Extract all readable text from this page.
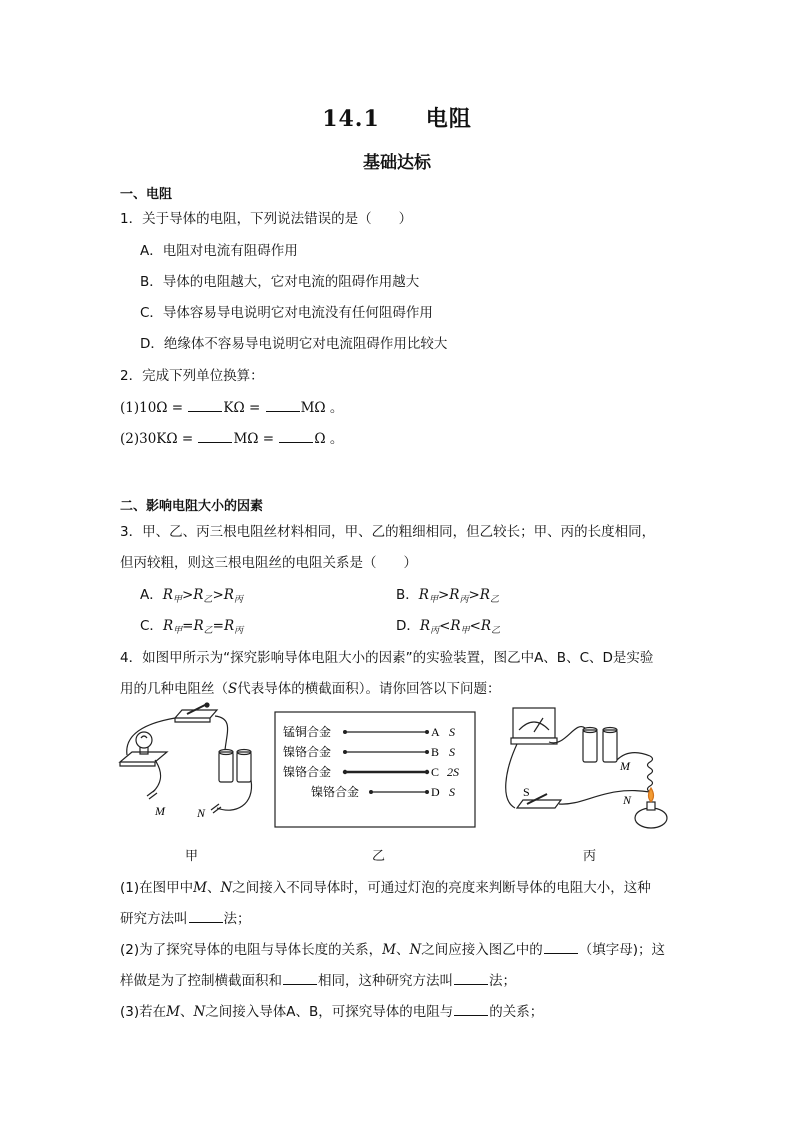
14.1 电阻
基础达标
一、电阻
1．关于导体的电阻，下列说法错误的是（　　）
A．电阻对电流有阻碍作用
B．导体的电阻越大，它对电流的阻碍作用越大
C．导体容易导电说明它对电流没有任何阻碍作用
D．绝缘体不容易导电说明它对电流阻碍作用比较大
2．完成下列单位换算：
(1)10Ω =	KΩ =	MΩ 。
(2)30KΩ =	MΩ =	Ω 。
二、影响电阻大小的因素
3．甲、乙、丙三根电阻丝材料相同，甲、乙的粗细相同，但乙较长；甲、丙的长度相同，
但丙较粗，则这三根电阻丝的电阻关系是（　　）
A．$R_甲>R_乙>R_丙$	B．$R_甲>R_丙>R_乙$
C．$R_甲=R_乙=R_丙$	D．$R_丙<R_甲<R_乙$
4．如图甲所示为“探究影响导体电阻大小的因素”的实验装置，图乙中A、B、C、D是实验
用的几种电阻丝（S代表导体的横截面积）。请你回答以下问题：
M	N
锰铜合金	A S
镍铬合金	B S
镍铬合金	C 2S
镍铬合金	D S
M
N
S
甲	乙	丙
(1)在图甲中M、N之间接入不同导体时，可通过灯泡的亮度来判断导体的电阻大小，这种
研究方法叫	法；
(2)为了探究导体的电阻与导体长度的关系，M、N之间应接入图乙中的	（填字母)；这
样做是为了控制横截面积和	相同，这种研究方法叫	法；
(3)若在M、N之间接入导体A、B，可探究导体的电阻与	的关系；
